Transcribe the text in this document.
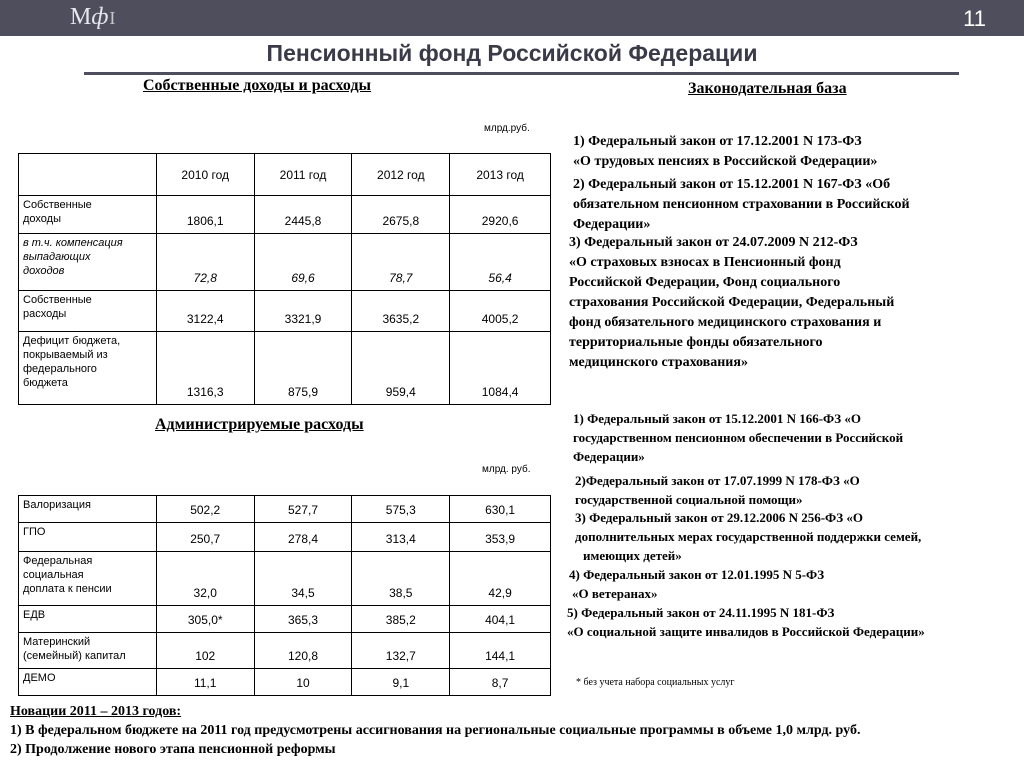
МфІ	11
Пенсионный фонд Российской Федерации
Собственные доходы и расходы
млрд.руб.
	2010 год	2011 год	2012 год	2013 год

Собственные
доходы	1806,1	2445,8	2675,8	2920,6

в т.ч. компенсация
выпадающих
доходов	72,8	69,6	78,7	56,4

Собственные
расходы	3122,4	3321,9	3635,2	4005,2

Дефицит бюджета,
покрываемый из
федерального
бюджета	1316,3	875,9	959,4	1084,4
Администрируемые расходы
млрд. руб.
Валоризация	502,2	527,7	575,3	630,1

ГПО	250,7	278,4	313,4	353,9

Федеральная
социальная
доплата к пенсии	32,0	34,5	38,5	42,9

ЕДВ	305,0*	365,3	385,2	404,1

Материнский
(семейный) капитал	102	120,8	132,7	144,1

ДЕМО	11,1	10	9,1	8,7
Законодательная база
1) Федеральный закон от 17.12.2001 N 173-ФЗ
«О трудовых пенсиях в Российской Федерации»
2) Федеральный закон от 15.12.2001 N 167-ФЗ «Об
обязательном пенсионном страховании в Российской
Федерации»
3) Федеральный закон от 24.07.2009 N 212-ФЗ
«О страховых взносах в Пенсионный фонд
Российской Федерации, Фонд социального
страхования Российской Федерации, Федеральный
фонд обязательного медицинского страхования и
территориальные фонды обязательного
медицинского страхования»
1) Федеральный закон от 15.12.2001 N 166-ФЗ «О
государственном пенсионном обеспечении в Российской
Федерации»
2)Федеральный закон от 17.07.1999 N 178-ФЗ «О
государственной социальной помощи»
3) Федеральный закон от 29.12.2006 N 256-ФЗ «О
дополнительных мерах государственной поддержки семей,
имеющих детей»
4) Федеральный закон от 12.01.1995 N 5-ФЗ
«О ветеранах»
5) Федеральный закон от 24.11.1995 N 181-ФЗ
«О социальной защите инвалидов в Российской Федерации»
* без учета набора социальных услуг
Новации 2011 – 2013 годов:
1) В федеральном бюджете на 2011 год предусмотрены ассигнования на региональные социальные программы в объеме 1,0 млрд. руб.
2) Продолжение нового этапа пенсионной реформы
